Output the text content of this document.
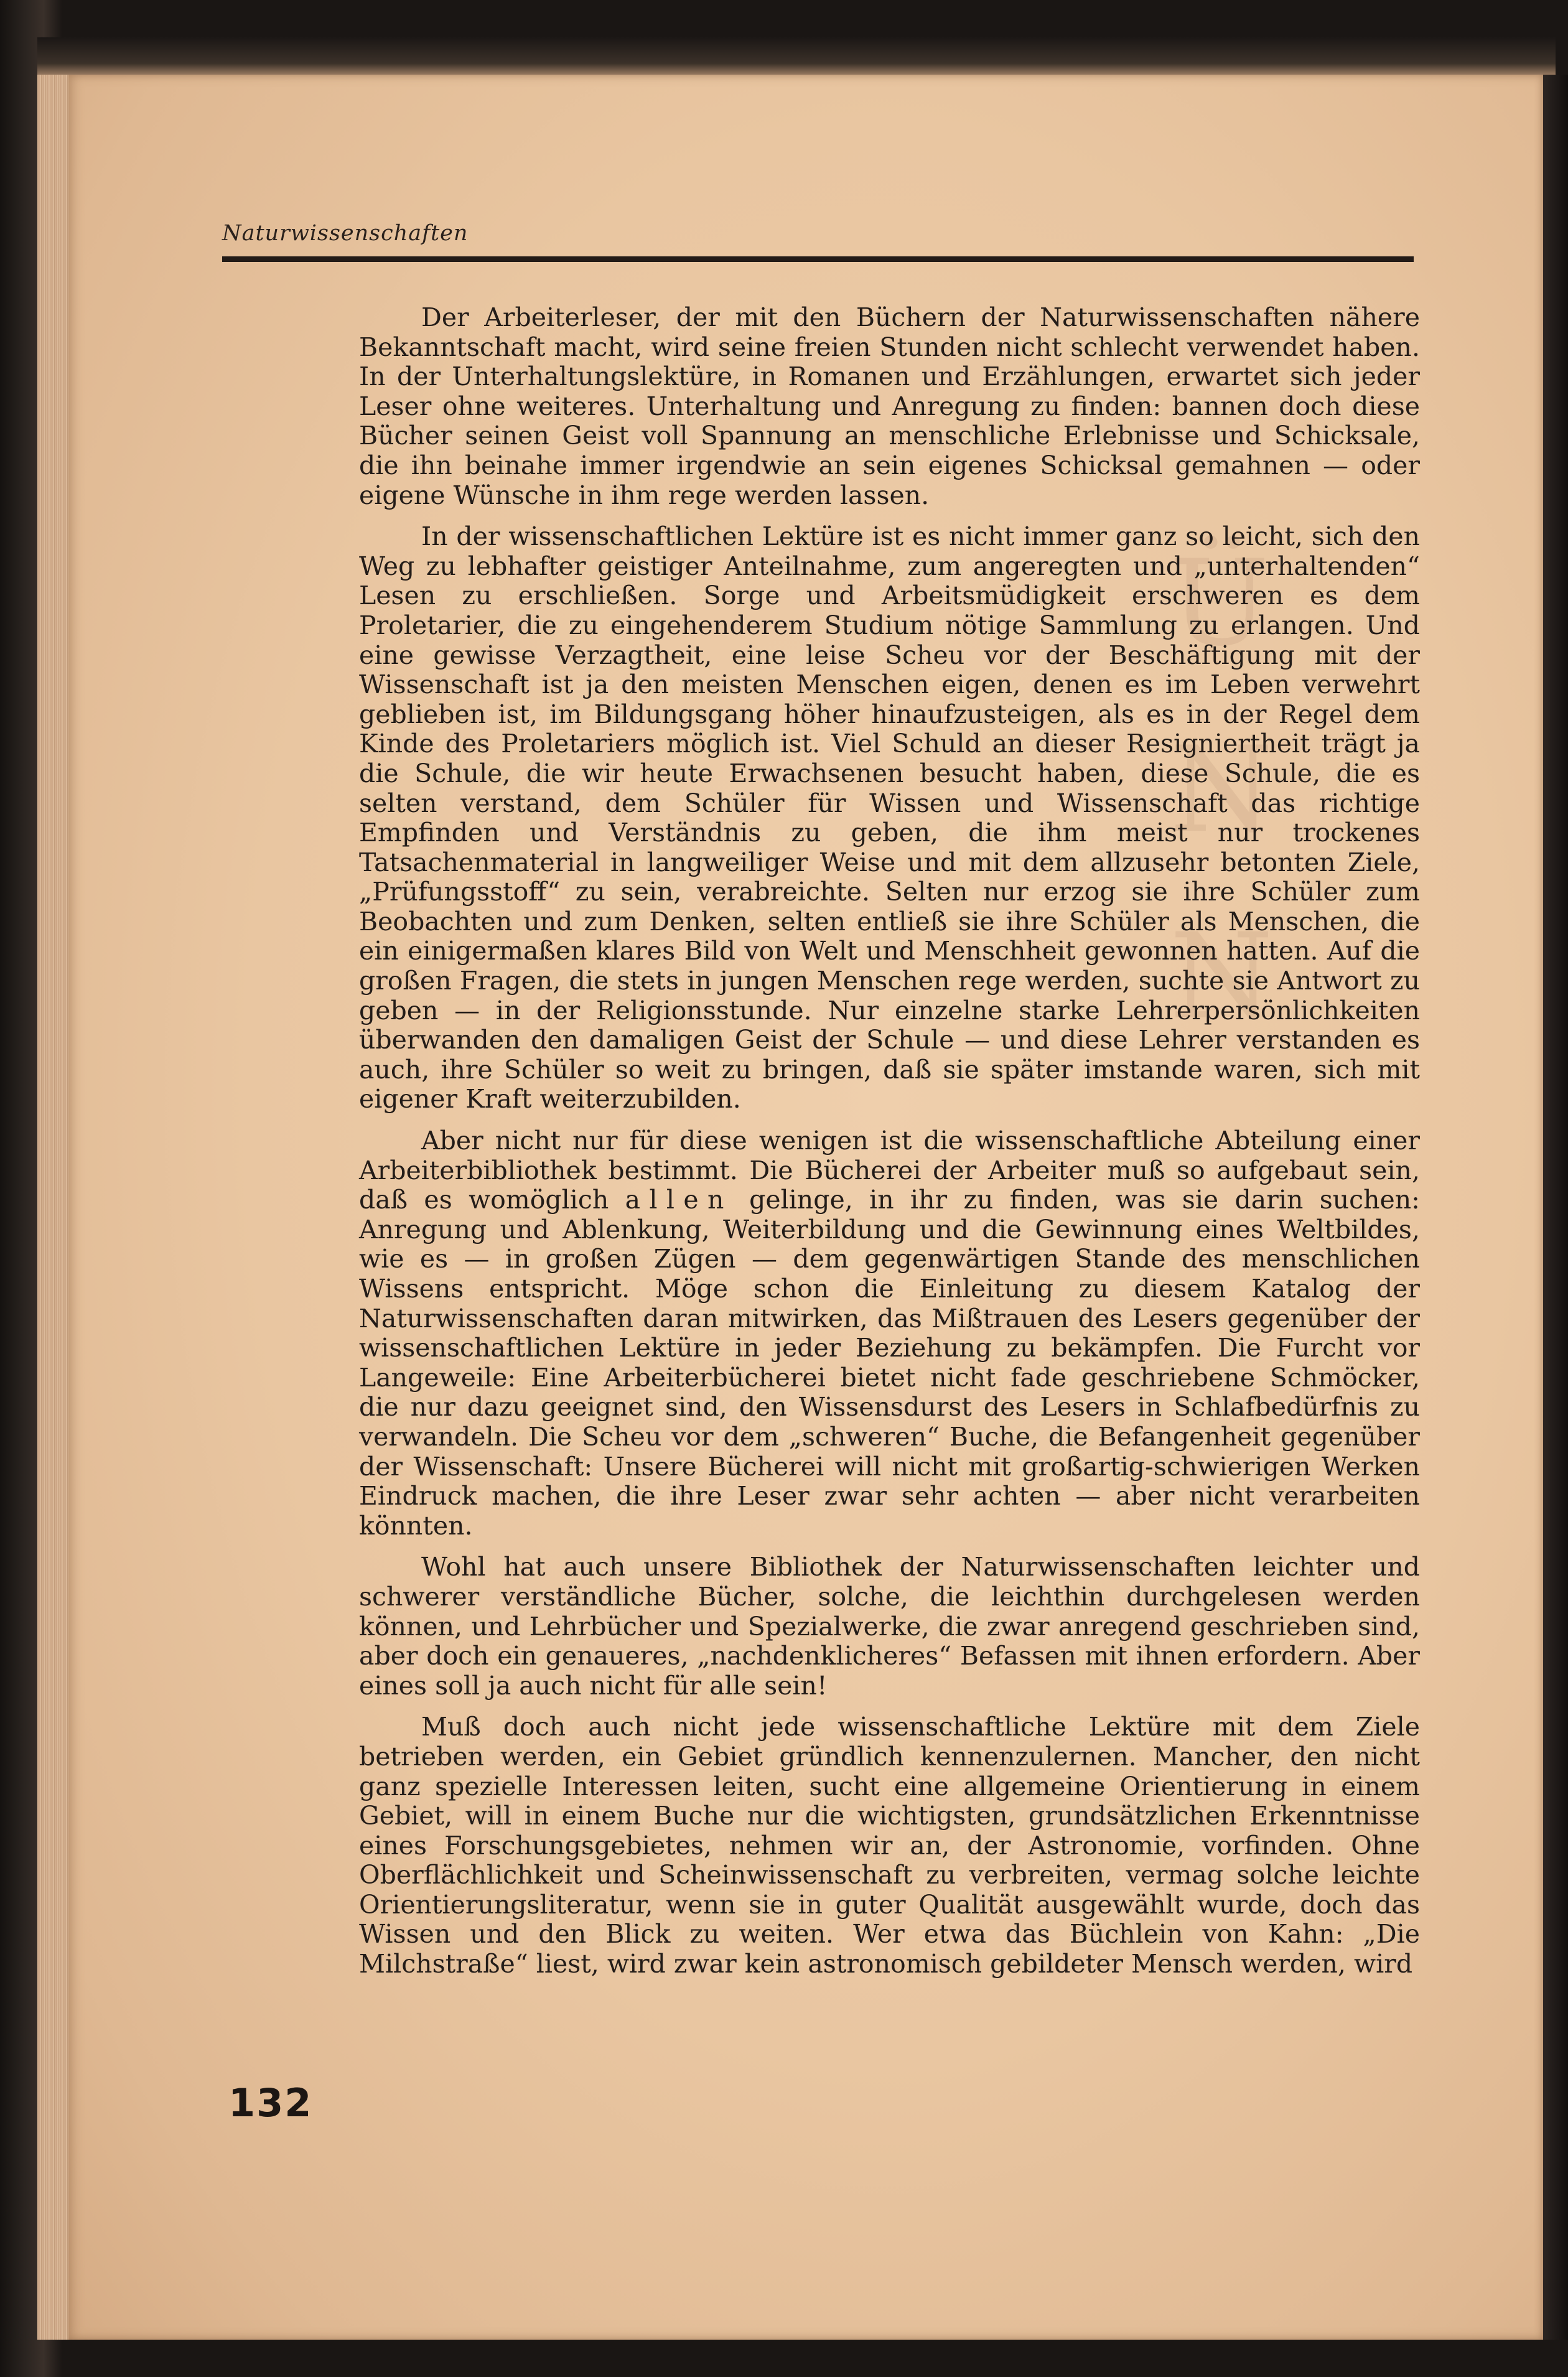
Ü
N
N
Naturwissenschaften

Der Arbeiterleser, der mit den Büchern der Naturwissenschaften nähere Bekanntschaft macht, wird seine freien Stunden nicht schlecht verwendet haben. In der Unterhaltungslektüre, in Romanen und Erzählungen, erwartet sich jeder Leser ohne weiteres. Unterhaltung und Anregung zu finden: bannen doch diese Bücher seinen Geist voll Spannung an menschliche Erlebnisse und Schicksale, die ihn beinahe immer irgendwie an sein eigenes Schicksal gemahnen — oder eigene Wünsche in ihm rege werden lassen.

In der wissenschaftlichen Lektüre ist es nicht immer ganz so leicht, sich den Weg zu lebhafter geistiger Anteilnahme, zum angeregten und „unterhaltenden“ Lesen zu erschließen. Sorge und Arbeitsmüdigkeit erschweren es dem Proletarier, die zu eingehenderem Studium nötige Sammlung zu erlangen. Und eine gewisse Verzagtheit, eine leise Scheu vor der Beschäftigung mit der Wissenschaft ist ja den meisten Menschen eigen, denen es im Leben verwehrt geblieben ist, im Bildungsgang höher hinaufzusteigen, als es in der Regel dem Kinde des Proletariers möglich ist. Viel Schuld an dieser Resigniertheit trägt ja die Schule, die wir heute Erwachsenen besucht haben, diese Schule, die es selten verstand, dem Schüler für Wissen und Wissenschaft das richtige Empfinden und Verständnis zu geben, die ihm meist nur trockenes Tatsachenmaterial in langweiliger Weise und mit dem allzusehr betonten Ziele, „Prüfungsstoff“ zu sein, verabreichte. Selten nur erzog sie ihre Schüler zum Beobachten und zum Denken, selten entließ sie ihre Schüler als Menschen, die ein einigermaßen klares Bild von Welt und Menschheit gewonnen hatten. Auf die großen Fragen, die stets in jungen Menschen rege werden, suchte sie Antwort zu geben — in der Religionsstunde. Nur einzelne starke Lehrerpersönlichkeiten überwanden den damaligen Geist der Schule — und diese Lehrer verstanden es auch, ihre Schüler so weit zu bringen, daß sie später imstande waren, sich mit eigener Kraft weiterzubilden.

Aber nicht nur für diese wenigen ist die wissenschaftliche Abteilung einer Arbeiterbibliothek bestimmt. Die Bücherei der Arbeiter muß so aufgebaut sein, daß es womöglich allen gelinge, in ihr zu finden, was sie darin suchen: Anregung und Ablenkung, Weiterbildung und die Gewinnung eines Weltbildes, wie es — in großen Zügen — dem gegenwärtigen Stande des menschlichen Wissens entspricht. Möge schon die Einleitung zu diesem Katalog der Naturwissenschaften daran mitwirken, das Mißtrauen des Lesers gegenüber der wissenschaftlichen Lektüre in jeder Beziehung zu bekämpfen. Die Furcht vor Langeweile: Eine Arbeiterbücherei bietet nicht fade geschriebene Schmöcker, die nur dazu geeignet sind, den Wissensdurst des Lesers in Schlafbedürfnis zu verwandeln. Die Scheu vor dem „schweren“ Buche, die Befangenheit gegenüber der Wissenschaft: Unsere Bücherei will nicht mit großartig-schwierigen Werken Eindruck machen, die ihre Leser zwar sehr achten — aber nicht verarbeiten könnten.

Wohl hat auch unsere Bibliothek der Naturwissenschaften leichter und schwerer verständliche Bücher, solche, die leichthin durchgelesen werden können, und Lehrbücher und Spezialwerke, die zwar anregend geschrieben sind, aber doch ein genaueres, „nachdenklicheres“ Befassen mit ihnen erfordern. Aber eines soll ja auch nicht für alle sein!

Muß doch auch nicht jede wissenschaftliche Lektüre mit dem Ziele betrieben werden, ein Gebiet gründlich kennenzulernen. Mancher, den nicht ganz spezielle Interessen leiten, sucht eine allgemeine Orientierung in einem Gebiet, will in einem Buche nur die wichtigsten, grundsätzlichen Erkenntnisse eines Forschungsgebietes, nehmen wir an, der Astronomie, vorfinden. Ohne Oberflächlichkeit und Scheinwissenschaft zu verbreiten, vermag solche leichte Orientierungsliteratur, wenn sie in guter Qualität ausgewählt wurde, doch das Wissen und den Blick zu weiten. Wer etwa das Büchlein von Kahn: „Die Milchstraße“ liest, wird zwar kein astronomisch gebildeter Mensch werden, wird

132
